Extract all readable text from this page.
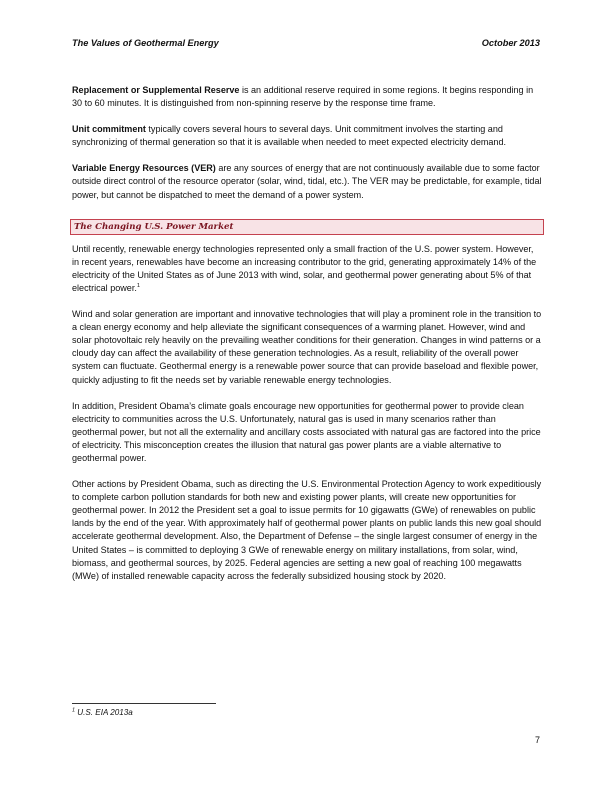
The Values of Geothermal Energy	October 2013

Replacement or Supplemental Reserve is an additional reserve required in some regions. It begins responding in 30 to 60 minutes. It is distinguished from non-spinning reserve by the response time frame.

Unit commitment typically covers several hours to several days. Unit commitment involves the starting and synchronizing of thermal generation so that it is available when needed to meet expected electricity demand.

Variable Energy Resources (VER) are any sources of energy that are not continuously available due to some factor outside direct control of the resource operator (solar, wind, tidal, etc.). The VER may be predictable, for example, tidal power, but cannot be dispatched to meet the demand of a power system.

The Changing U.S. Power Market

Until recently, renewable energy technologies represented only a small fraction of the U.S. power system. However, in recent years, renewables have become an increasing contributor to the grid, generating approximately 14% of the electricity of the United States as of June 2013 with wind, solar, and geothermal power generating about 5% of that electrical power.$^1$

Wind and solar generation are important and innovative technologies that will play a prominent role in the transition to a clean energy economy and help alleviate the significant consequences of a warming planet. However, wind and solar photovoltaic rely heavily on the prevailing weather conditions for their generation. Changes in wind patterns or a cloudy day can affect the availability of these generation technologies. As a result, reliability of the overall power system can fluctuate. Geothermal energy is a renewable power source that can provide baseload and flexible power, quickly adjusting to fit the needs set by variable renewable energy technologies.

In addition, President Obama’s climate goals encourage new opportunities for geothermal power to provide clean electricity to communities across the U.S. Unfortunately, natural gas is used in many scenarios rather than geothermal power, but not all the externality and ancillary costs associated with natural gas are factored into the price of electricity. This misconception creates the illusion that natural gas power plants are a viable alternative to geothermal power.

Other actions by President Obama, such as directing the U.S. Environmental Protection Agency to work expeditiously to complete carbon pollution standards for both new and existing power plants, will create new opportunities for geothermal power. In 2012 the President set a goal to issue permits for 10 gigawatts (GWe) of renewables on public lands by the end of the year. With approximately half of geothermal power plants on public lands this new goal should accelerate geothermal development. Also, the Department of Defense – the single largest consumer of energy in the United States – is committed to deploying 3 GWe of renewable energy on military installations, from solar, wind, biomass, and geothermal sources, by 2025. Federal agencies are setting a new goal of reaching 100 megawatts (MWe) of installed renewable capacity across the federally subsidized housing stock by 2020.

$^1$ U.S. EIA 2013a
7
